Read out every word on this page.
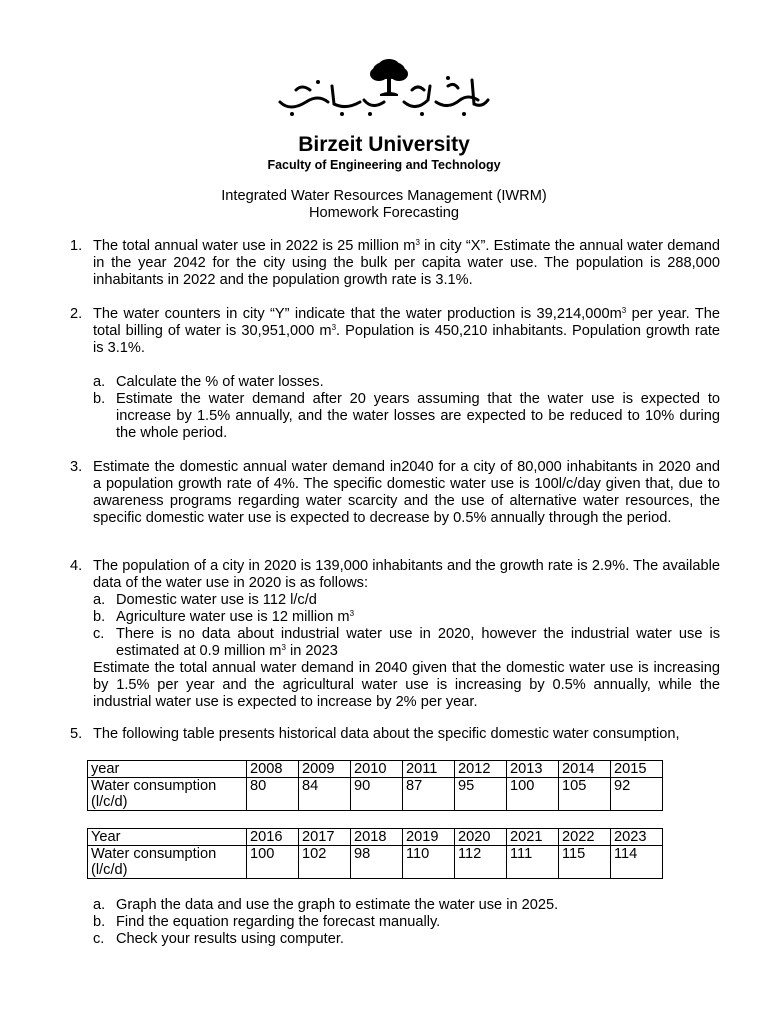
Birzeit University
Faculty of Engineering and Technology
Integrated Water Resources Management (IWRM)
Homework Forecasting
1. The total annual water use in 2022 is 25 million $m^3$ in city “X”. Estimate the annual water demand in the year 2042 for the city using the bulk per capita water use. The population is 288,000 inhabitants in 2022 and the population growth rate is 3.1%.
2. The water counters in city “Y” indicate that the water production is $39,214,000m^3$ per year. The total billing of water is 30,951,000 $m^3$. Population is 450,210 inhabitants. Population growth rate is 3.1%.
a. Calculate the % of water losses.
b. Estimate the water demand after 20 years assuming that the water use is expected to increase by 1.5% annually, and the water losses are expected to be reduced to 10% during the whole period.
3. Estimate the domestic annual water demand in2040 for a city of 80,000 inhabitants in 2020 and a population growth rate of 4%. The specific domestic water use is 100l/c/day given that, due to awareness programs regarding water scarcity and the use of alternative water resources, the specific domestic water use is expected to decrease by 0.5% annually through the period.
4. The population of a city in 2020 is 139,000 inhabitants and the growth rate is 2.9%. The available data of the water use in 2020 is as follows:
a. Domestic water use is 112 l/c/d
b. Agriculture water use is 12 million $m^3$
c. There is no data about industrial water use in 2020, however the industrial water use is estimated at 0.9 million $m^3$ in 2023
Estimate the total annual water demand in 2040 given that the domestic water use is increasing by 1.5% per year and the agricultural water use is increasing by 0.5% annually, while the industrial water use is expected to increase by 2% per year.
5. The following table presents historical data about the specific domestic water consumption,
year	2008	2009	2010	2011	2012	2013	2014	2015
Water consumption (l/c/d)	80	84	90	87	95	100	105	92
Year	2016	2017	2018	2019	2020	2021	2022	2023
Water consumption (l/c/d)	100	102	98	110	112	111	115	114
a. Graph the data and use the graph to estimate the water use in 2025.
b. Find the equation regarding the forecast manually.
c. Check your results using computer.
